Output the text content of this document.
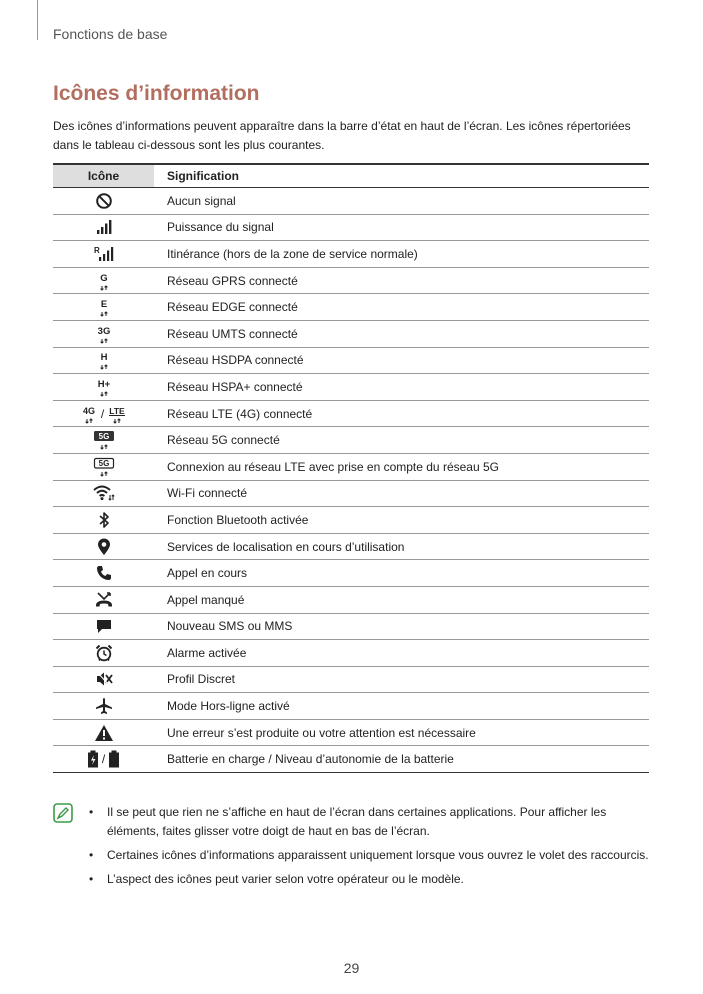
Fonctions de base
Icônes d’information

Des icônes d’informations peuvent apparaître dans la barre d’état en haut de l’écran. Les icônes répertoriées dans le tableau ci-dessous sont les plus courantes.

Icône	Signification
	Aucun signal
	Puissance du signal

R	Itinérance (hors de la zone de service normale)

G	Réseau GPRS connecté

E	Réseau EDGE connecté

3G	Réseau UMTS connecté

H	Réseau HSDPA connecté

H+	Réseau HSPA+ connecté

4G / LTE	Réseau LTE (4G) connecté

5G	Réseau 5G connecté

5G	Connexion au réseau LTE avec prise en compte du réseau 5G
	Wi-Fi connecté
	Fonction Bluetooth activée
	Services de localisation en cours d’utilisation
	Appel en cours
	Appel manqué
	Nouveau SMS ou MMS
	Alarme activée
	Profil Discret
	Mode Hors-ligne activé
	Une erreur s’est produite ou votre attention est nécessaire
/	Batterie en charge / Niveau d’autonomie de la batterie
• Il se peut que rien ne s’affiche en haut de l’écran dans certaines applications. Pour afficher les éléments, faites glisser votre doigt de haut en bas de l’écran.
• Certaines icônes d’informations apparaissent uniquement lorsque vous ouvrez le volet des raccourcis.
• L’aspect des icônes peut varier selon votre opérateur ou le modèle.
29
